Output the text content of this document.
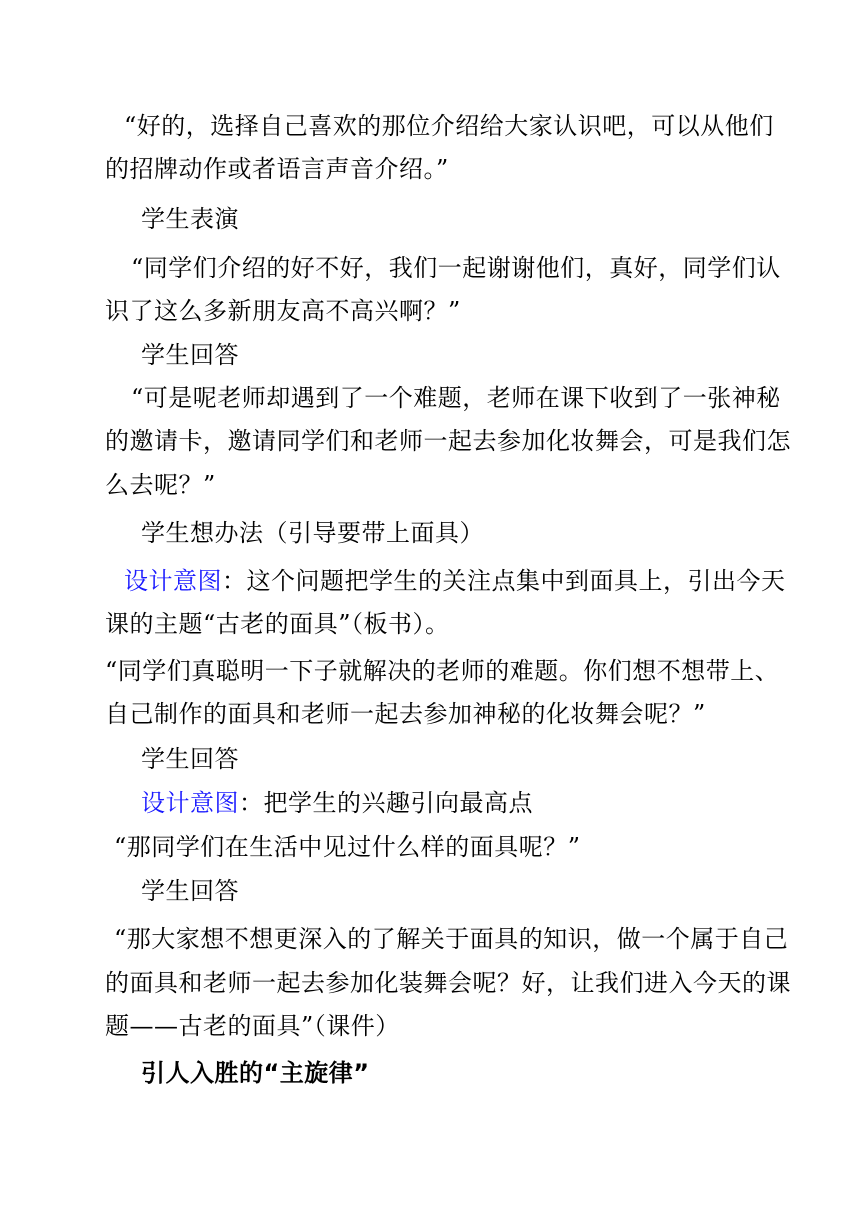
“好的，选择自己喜欢的那位介绍给大家认识吧，可以从他们
的招牌动作或者语言声音介绍。”
学生表演
“同学们介绍的好不好，我们一起谢谢他们，真好，同学们认
识了这么多新朋友高不高兴啊？”
学生回答
“可是呢老师却遇到了一个难题，老师在课下收到了一张神秘
的邀请卡，邀请同学们和老师一起去参加化妆舞会，可是我们怎
么去呢？”
学生想办法（引导要带上面具）
设计意图：这个问题把学生的关注点集中到面具上，引出今天
课的主题“古老的面具”（板书）。
“同学们真聪明一下子就解决的老师的难题。你们想不想带上、
自己制作的面具和老师一起去参加神秘的化妆舞会呢？”
学生回答
设计意图：把学生的兴趣引向最高点
“那同学们在生活中见过什么样的面具呢？”
学生回答
“那大家想不想更深入的了解关于面具的知识，做一个属于自己
的面具和老师一起去参加化装舞会呢？好，让我们进入今天的课
题——古老的面具”（课件）
引人入胜的“主旋律”
